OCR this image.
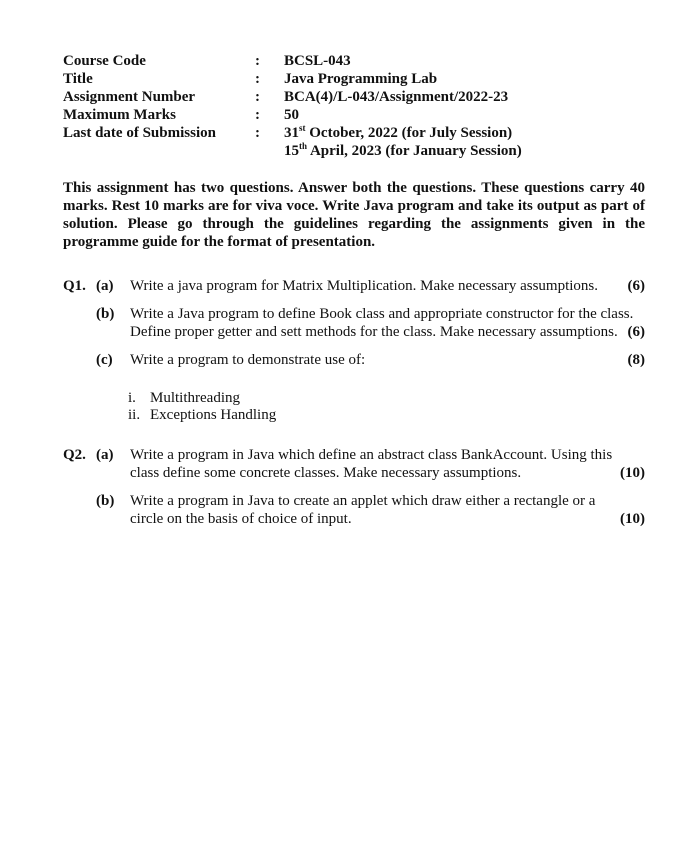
Course Code	:	BCSL-043
Title	:	Java Programming Lab
Assignment Number	:	BCA(4)/L-043/Assignment/2022-23
Maximum Marks	:	50
Last date of Submission	:	31st October, 2022 (for July Session)
15th April, 2023 (for January Session)
This assignment has two questions. Answer both the questions. These questions carry 40 marks. Rest 10 marks are for viva voce. Write Java program and take its output as part of solution. Please go through the guidelines regarding the assignments given in the programme guide for the format of presentation.
Q1. (a) Write a java program for Matrix Multiplication. Make necessary assumptions. (6)
(b) Write a Java program to define Book class and appropriate constructor for the class. Define proper getter and sett methods for the class. Make necessary assumptions. (6)
(c) Write a program to demonstrate use of:	(8)
i. Multithreading
ii. Exceptions Handling
Q2. (a) Write a program in Java which define an abstract class BankAccount. Using this class define some concrete classes. Make necessary assumptions.	(10)
(b) Write a program in Java to create an applet which draw either a rectangle or a circle on the basis of choice of input.	(10)
